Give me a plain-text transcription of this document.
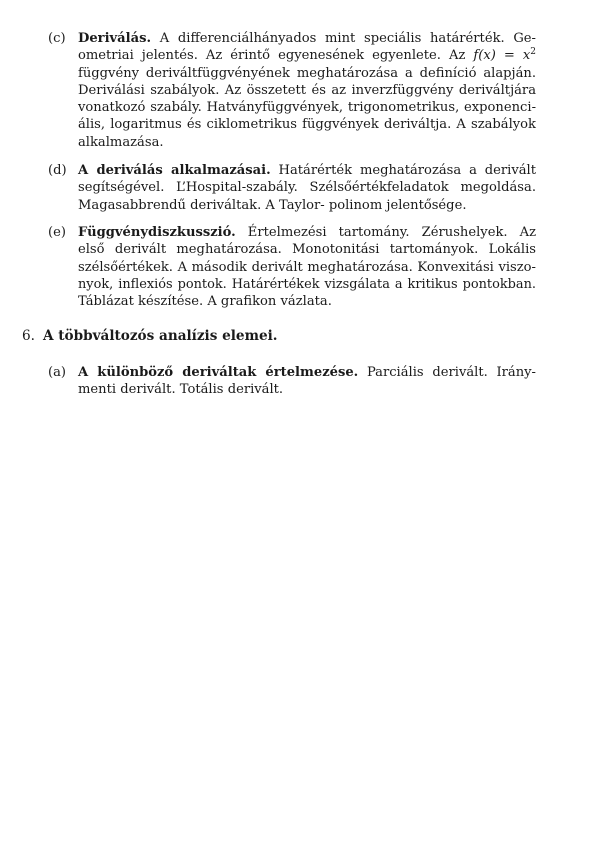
(c) Deriválás. A differenciálhányados mint speciális határérték. Ge-
ometriai jelentés. Az érintő egyenesének egyenlete. Az $f(x) = x^2$
függvény deriváltfüggvényének meghatározása a definíció alapján.
Deriválási szabályok. Az összetett és az inverzfüggvény deriváltjára
vonatkozó szabály. Hatványfüggvények, trigonometrikus, exponenci-
ális, logaritmus és ciklometrikus függvények deriváltja. A szabályok
alkalmazása.
(d) A deriválás alkalmazásai. Határérték meghatározása a derivált
segítségével. L’Hospital-szabály. Szélsőértékfeladatok megoldása.
Magasabbrendű deriváltak. A Taylor- polinom jelentősége.
(e) Függvénydiszkusszió. Értelmezési tartomány. Zérushelyek. Az
első derivált meghatározása. Monotonitási tartományok. Lokális
szélsőértékek. A második derivált meghatározása. Konvexitási viszo-
nyok, inflexiós pontok. Határértékek vizsgálata a kritikus pontokban.
Táblázat készítése. A grafikon vázlata.
6. A többváltozós analízis elemei.
(a) A különböző deriváltak értelmezése. Parciális derivált. Irány-
menti derivált. Totális derivált.
